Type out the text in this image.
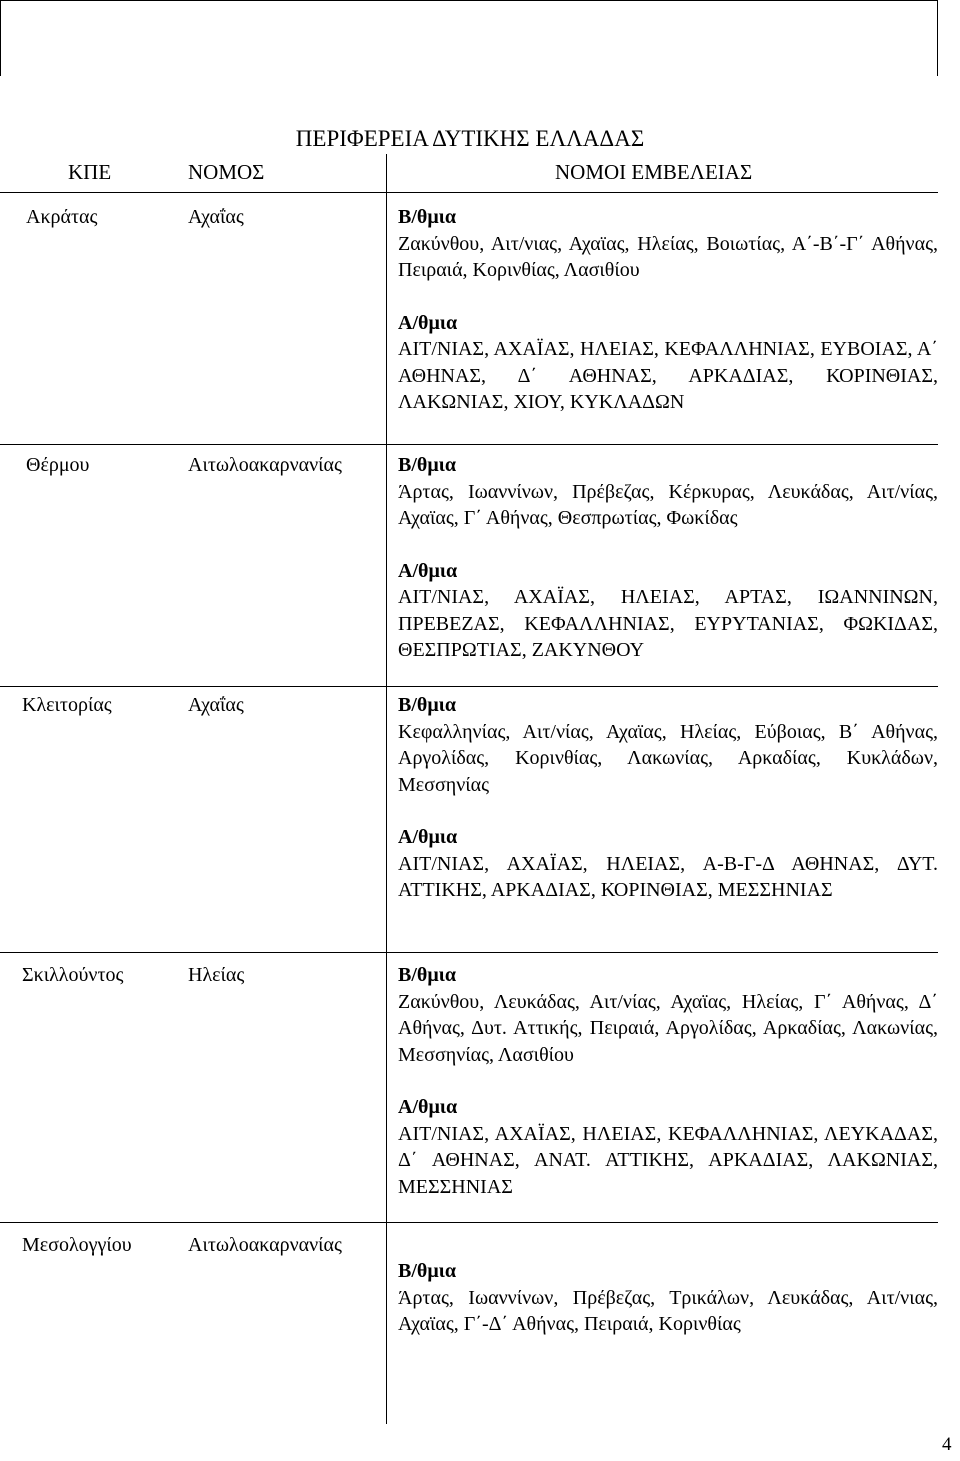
ΠΕΡΙΦΕΡΕΙΑ ΔΥΤΙΚΗΣ ΕΛΛΑΔΑΣ
ΚΠΕ	ΝΟΜΟΣ	ΝΟΜΟΙ ΕΜΒΕΛΕΙΑΣ
Ακράτας	Αχαΐας	Β/θμια
Ζακύνθου, Αιτ/νιας, Αχαϊας, Ηλείας, Βοιωτίας, Α΄-Β΄-Γ΄ Αθήνας, Πειραιά, Κορινθίας, Λασιθίου
Α/θμια
ΑΙΤ/ΝΙΑΣ, ΑΧΑΪΑΣ, ΗΛΕΙΑΣ, ΚΕΦΑΛΛΗΝΙΑΣ, ΕΥΒΟΙΑΣ, Α΄ ΑΘΗΝΑΣ, Δ΄ ΑΘΗΝΑΣ, ΑΡΚΑΔΙΑΣ, ΚΟΡΙΝΘΙΑΣ, ΛΑΚΩΝΙΑΣ, ΧΙΟΥ, ΚΥΚΛΑΔΩΝ
Θέρμου	Αιτωλοακαρνανίας	Β/θμια
Άρτας, Ιωαννίνων, Πρέβεζας, Κέρκυρας, Λευκάδας, Αιτ/νίας, Αχαϊας, Γ΄ Αθήνας, Θεσπρωτίας, Φωκίδας
Α/θμια
ΑΙΤ/ΝΙΑΣ, ΑΧΑΪΑΣ, ΗΛΕΙΑΣ, ΑΡΤΑΣ, ΙΩΑΝΝΙΝΩΝ, ΠΡΕΒΕΖΑΣ, ΚΕΦΑΛΛΗΝΙΑΣ, ΕΥΡΥΤΑΝΙΑΣ, ΦΩΚΙΔΑΣ, ΘΕΣΠΡΩΤΙΑΣ, ΖΑΚΥΝΘΟΥ
Κλειτορίας	Αχαΐας	Β/θμια
Κεφαλληνίας, Αιτ/νίας, Αχαϊας, Ηλείας, Εύβοιας, Β΄ Αθήνας, Αργολίδας, Κορινθίας, Λακωνίας, Αρκαδίας, Κυκλάδων, Μεσσηνίας
Α/θμια
ΑΙΤ/ΝΙΑΣ, ΑΧΑΪΑΣ, ΗΛΕΙΑΣ, Α-Β-Γ-Δ ΑΘΗΝΑΣ, ΔΥΤ. ΑΤΤΙΚΗΣ, ΑΡΚΑΔΙΑΣ, ΚΟΡΙΝΘΙΑΣ, ΜΕΣΣΗΝΙΑΣ
Σκιλλούντος	Ηλείας	Β/θμια
Ζακύνθου, Λευκάδας, Αιτ/νίας, Αχαϊας, Ηλείας, Γ΄ Αθήνας, Δ΄ Αθήνας, Δυτ. Αττικής, Πειραιά, Αργολίδας, Αρκαδίας, Λακωνίας, Μεσσηνίας, Λασιθίου
Α/θμια
ΑΙΤ/ΝΙΑΣ, ΑΧΑΪΑΣ, ΗΛΕΙΑΣ, ΚΕΦΑΛΛΗΝΙΑΣ, ΛΕΥΚΑΔΑΣ, Δ΄ ΑΘΗΝΑΣ, ΑΝΑΤ. ΑΤΤΙΚΗΣ, ΑΡΚΑΔΙΑΣ, ΛΑΚΩΝΙΑΣ, ΜΕΣΣΗΝΙΑΣ
Μεσολογγίου	Αιτωλοακαρνανίας
Β/θμια
Άρτας, Ιωαννίνων, Πρέβεζας, Τρικάλων, Λευκάδας, Αιτ/νιας, Αχαϊας, Γ΄-Δ΄ Αθήνας, Πειραιά, Κορινθίας
4
